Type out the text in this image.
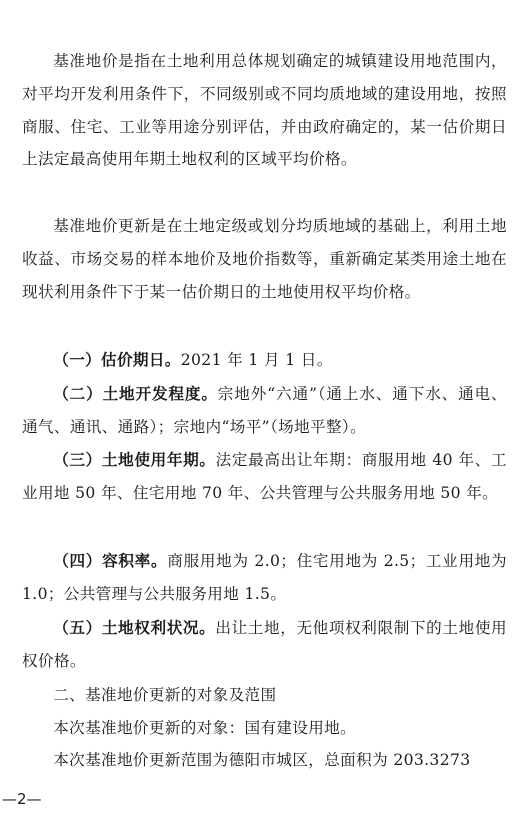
基准地价是指在土地利用总体规划确定的城镇建设用地范围内，对平均开发利用条件下，不同级别或不同均质地域的建设用地，按照商服、住宅、工业等用途分别评估，并由政府确定的，某一估价期日上法定最高使用年期土地权利的区域平均价格。

基准地价更新是在土地定级或划分均质地域的基础上，利用土地收益、市场交易的样本地价及地价指数等，重新确定某类用途土地在现状利用条件下于某一估价期日的土地使用权平均价格。

（一）估价期日。2021 年 1 月 1 日。

（二）土地开发程度。宗地外“六通”（通上水、通下水、通电、通气、通讯、通路）；宗地内“场平”（场地平整）。

（三）土地使用年期。法定最高出让年期：商服用地 40 年、工业用地 50 年、住宅用地 70 年、公共管理与公共服务用地 50 年。

（四）容积率。商服用地为 2.0；住宅用地为 2.5；工业用地为 1.0；公共管理与公共服务用地 1.5。

（五）土地权利状况。出让土地，无他项权利限制下的土地使用权价格。

二、基准地价更新的对象及范围

本次基准地价更新的对象：国有建设用地。

本次基准地价更新范围为德阳市城区，总面积为 203.3273

—2—
